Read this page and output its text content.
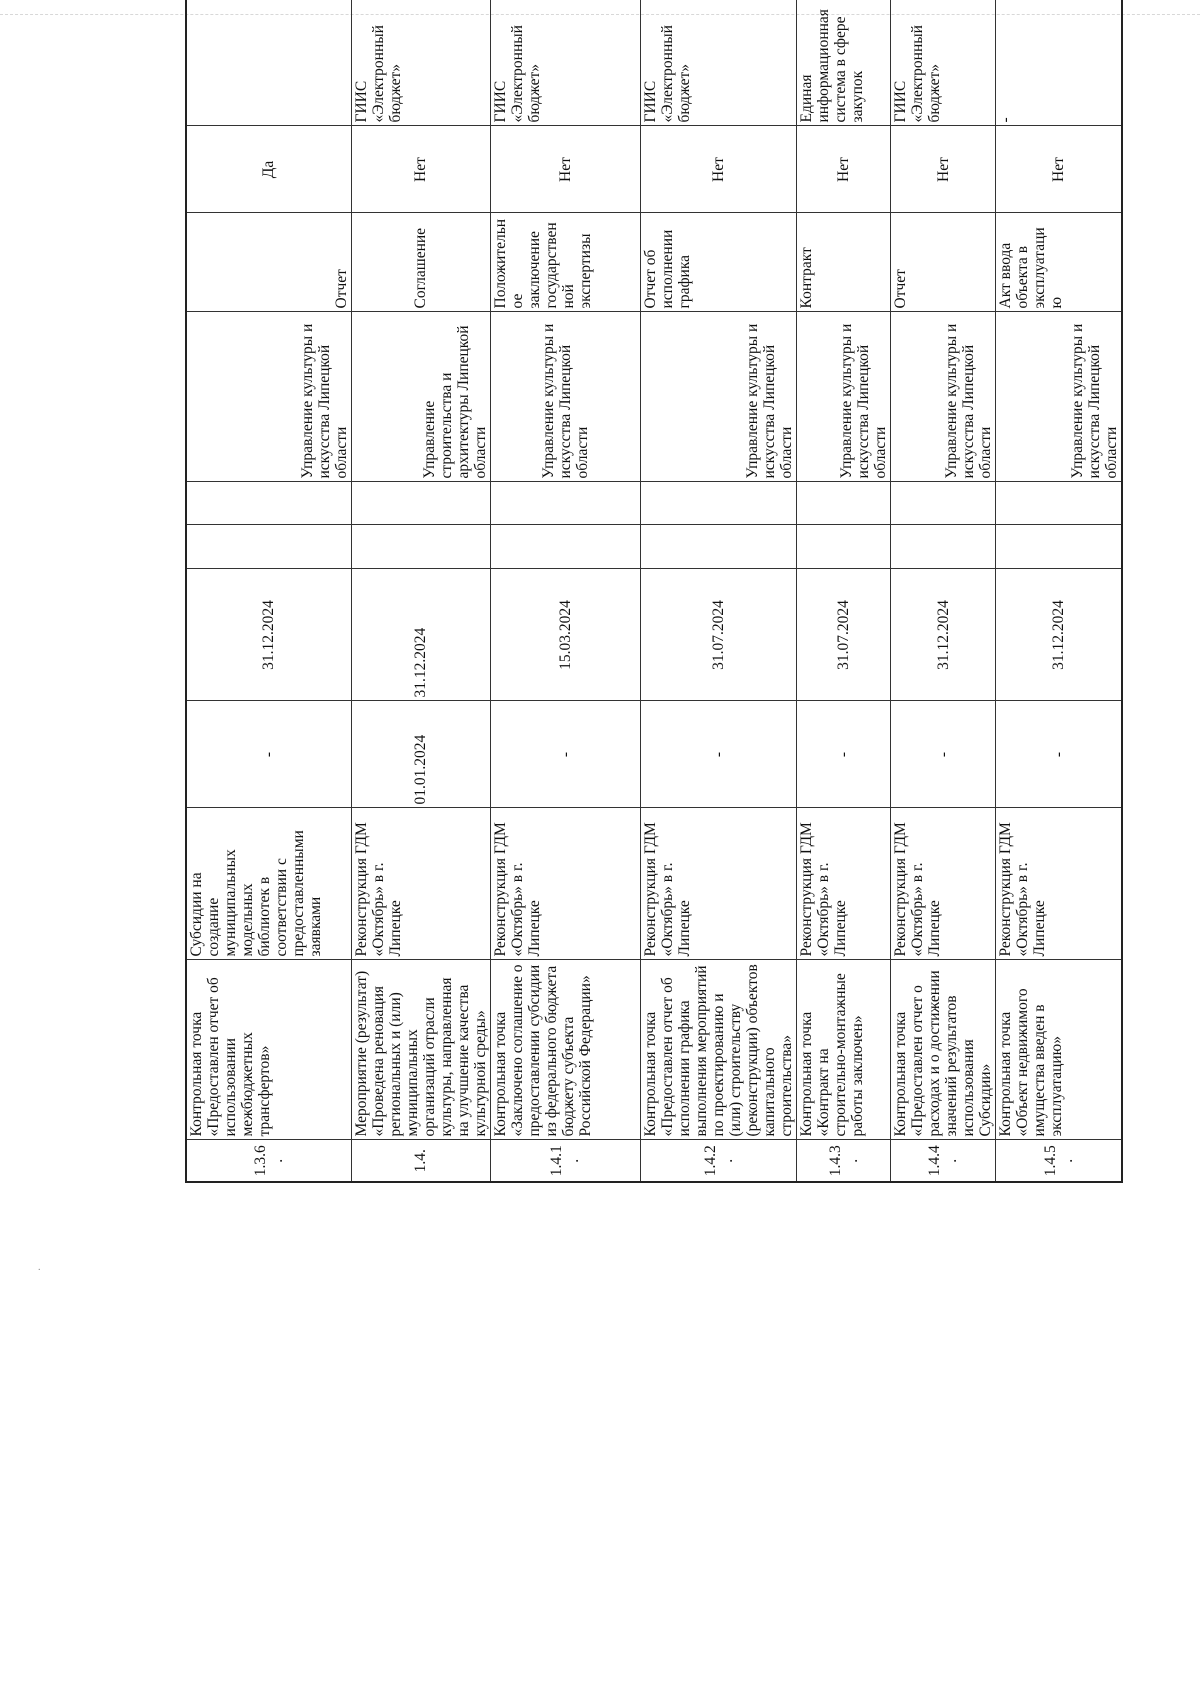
.
1.3.6.	Контрольная точка «Предоставлен отчет об использовании межбюджетных трансфертов»	Субсидии на создание муниципальных модельных библиотек в соответствии с предоставленными заявками	-	31.12.2024			Управление культуры и искусства Липецкой области	Отчет	Да	
1.4.	Мероприятие (результат) «Проведена реновация региональных и (или) муниципальных организаций отрасли культуры, направленная на улучшение качества культурной среды»	Реконструкция ГДМ «Октябрь» в г. Липецке	01.01.2024	31.12.2024			Управление строительства и архитектуры Липецкой области	Соглашение	Нет	ГИИС «Электронный бюджет»
1.4.1.	Контрольная точка «Заключено соглашение о предоставлении субсидии из федерального бюджета бюджету субъекта Российской Федерации»	Реконструкция ГДМ «Октябрь» в г. Липецке	-	15.03.2024			Управление культуры и искусства Липецкой области	Положительное заключение государственной экспертизы	Нет	ГИИС «Электронный бюджет»
1.4.2.	Контрольная точка «Предоставлен отчет об исполнении графика выполнения мероприятий по проектированию и (или) строительству (реконструкции) объектов капитального строительства»	Реконструкция ГДМ «Октябрь» в г. Липецке	-	31.07.2024			Управление культуры и искусства Липецкой области	Отчет об исполнении графика	Нет	ГИИС «Электронный бюджет»
1.4.3.	Контрольная точка «Контракт на строительно-монтажные работы заключен»	Реконструкция ГДМ «Октябрь» в г. Липецке	-	31.07.2024			Управление культуры и искусства Липецкой области	Контракт	Нет	Единая информационная система в сфере закупок
1.4.4.	Контрольная точка «Предоставлен отчет о расходах и о достижении значений результатов использования Субсидии»	Реконструкция ГДМ «Октябрь» в г. Липецке	-	31.12.2024			Управление культуры и искусства Липецкой области	Отчет	Нет	ГИИС «Электронный бюджет»
1.4.5.	Контрольная точка «Объект недвижимого имущества введен в эксплуатацию»	Реконструкция ГДМ «Октябрь» в г. Липецке	-	31.12.2024			Управление культуры и искусства Липецкой области	Акт ввода объекта в эксплуатацию	Нет	-
